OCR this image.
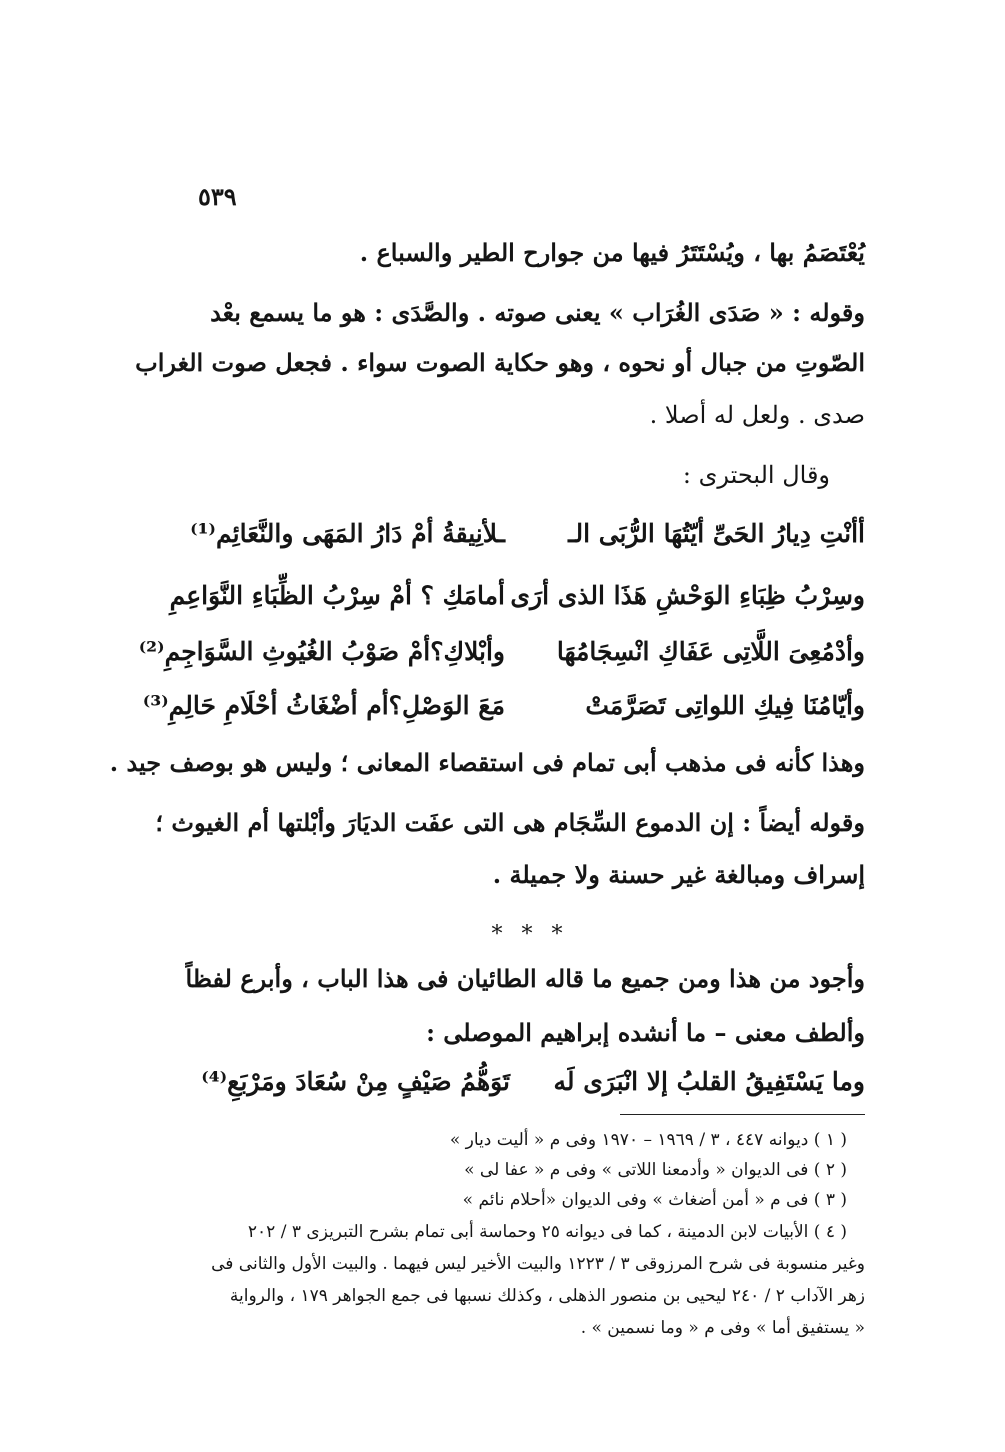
٥٣٩
يُعْتَصَمُ بها ، ويُسْتَتَرُ فيها من جوارح الطير والسباع .
وقوله : « صَدَى الغُرَاب » يعنى صوته . والصَّدَى : هو ما يسمع بعْد
الصّوتِ من جبال أو نحوه ، وهو حكاية الصوت سواء . فجعل صوت الغراب
صدى . ولعل له أصلا .
وقال البحترى :
أأنْتِ دِيارُ الحَىِّ أيّتُهَا الرُّبَى الـ
ـلأنِيقةُ أمْ دَارُ المَهَى والنَّعَائِم⁽¹⁾
وسِرْبُ ظِبَاءِ الوَحْشِ هَذَا الذى أرَى
أمامَكِ ؟ أمْ سِرْبُ الظِّبَاءِ النَّوَاعِمِ
وأدْمُعِىَ اللَّاتِى عَفَاكِ انْسِجَامُهَا
وأبْلاكِ؟أمْ صَوْبُ الغُيُوثِ السَّوَاجِمِ⁽²⁾
وأيّامُنَا فِيكِ اللواتِى تَصَرَّمَتْ
مَعَ الوَصْلِ؟أم أضْغَاثُ أحْلَامِ حَالِمِ⁽³⁾
وهذا كأنه فى مذهب أبى تمام فى استقصاء المعانى ؛ وليس هو بوصف جيد .
وقوله أيضاً : إن الدموع السِّجَام هى التى عفَت الديَارَ وأبْلتها أم الغيوث ؛
إسراف ومبالغة غير حسنة ولا جميلة .
* * *
وأجود من هذا ومن جميع ما قاله الطائيان فى هذا الباب ، وأبرع لفظاً
وألطف معنى – ما أنشده إبراهيم الموصلى :
وما يَسْتَفِيقُ القلبُ إلا انْبَرَى لَه
تَوَهُّمُ صَيْفٍ مِنْ سُعَادَ ومَرْبَعِ⁽⁴⁾
( ١ ) ديوانه ٤٤٧ ، ٣ / ١٩٦٩ – ١٩٧٠ وفى م « أليت ديار »
( ٢ ) فى الديوان « وأدمعنا اللاتى » وفى م « عفا لى »
( ٣ ) فى م « أمن أضغاث » وفى الديوان «أحلام نائم »
( ٤ ) الأبيات لابن الدمينة ، كما فى ديوانه ٢٥ وحماسة أبى تمام بشرح التبريزى ٣ / ٢٠٢
وغير منسوبة فى شرح المرزوقى ٣ / ١٢٢٣ والبيت الأخير ليس فيهما . والبيت الأول والثانى فى
زهر الآداب ٢ / ٢٤٠ ليحيى بن منصور الذهلى ، وكذلك نسبها فى جمع الجواهر ١٧٩ ، والرواية
« يستفيق أما » وفى م « وما نسمين » .
